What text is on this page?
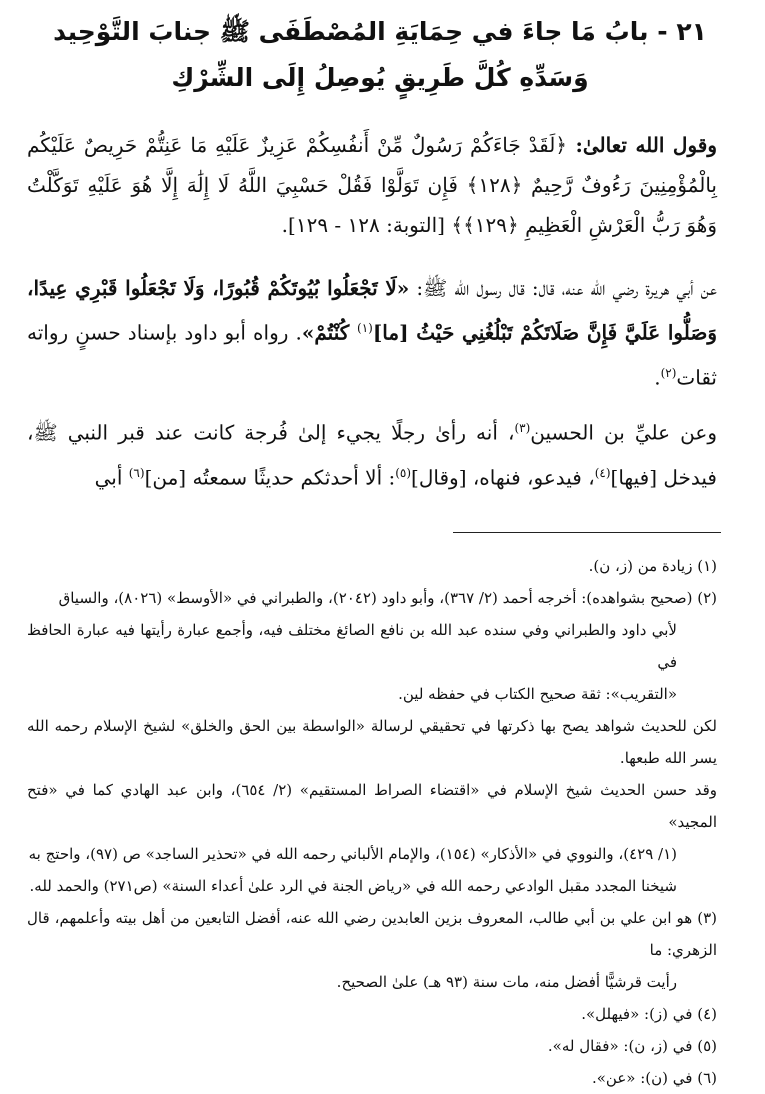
٢١ - بابُ مَا جاءَ في حِمَايَةِ المُصْطَفَى ﷺ جنابَ التَّوْحِيد
وَسَدِّهِ كُلَّ طَرِيقٍ يُوصِلُ إِلَى الشِّرْكِ
وقول الله تعالىٰ: ﴿لَقَدْ جَاءَكُمْ رَسُولٌ مِّنْ أَنفُسِكُمْ عَزِيزٌ عَلَيْهِ مَا عَنِتُّمْ حَرِيصٌ عَلَيْكُم بِالْمُؤْمِنِينَ رَءُوفٌ رَّحِيمٌ ﴿١٢٨﴾ فَإِن تَوَلَّوْا فَقُلْ حَسْبِيَ اللَّهُ لَا إِلَٰهَ إِلَّا هُوَ عَلَيْهِ تَوَكَّلْتُ وَهُوَ رَبُّ الْعَرْشِ الْعَظِيمِ ﴿١٢٩﴾﴾ [التوبة: ١٢٨ - ١٢٩].
عن أبي هريرة رضي الله عنه، قال: قال رسول الله ﷺ: «لَا تَجْعَلُوا بُيُوتَكُمْ قُبُورًا، وَلَا تَجْعَلُوا قَبْرِي عِيدًا، وَصَلُّوا عَلَيَّ فَإِنَّ صَلَاتَكُمْ تَبْلُغُنِي حَيْثُ [ما]$^{(١)}$ كُنْتُمْ». رواه أبو داود بإسناد حسنٍ رواته ثقات$^{(٢)}$.
وعن عليِّ بن الحسين$^{(٣)}$، أنه رأىٰ رجلًا يجيء إلىٰ فُرجة كانت عند قبر النبي ﷺ، فيدخل [فيها]$^{(٤)}$، فيدعو، فنهاه، [وقال]$^{(٥)}$: ألا أحدثكم حديثًا سمعتُه [من]$^{(٦)}$ أبي

(١) زيادة من (ز، ن).

(٢) (صحيح بشواهده): أخرجه أحمد (٢/ ٣٦٧)، وأبو داود (٢٠٤٢)، والطبراني في «الأوسط» (٨٠٢٦)، والسياق
لأبي داود والطبراني وفي سنده عبد الله بن نافع الصائغ مختلف فيه، وأجمع عبارة رأيتها فيه عبارة الحافظ في
«التقريب»: ثقة صحيح الكتاب في حفظه لين.
لكن للحديث شواهد يصح بها ذكرتها في تحقيقي لرسالة «الواسطة بين الحق والخلق» لشيخ الإسلام رحمه الله يسر الله طبعها.
وقد حسن الحديث شيخ الإسلام في «اقتضاء الصراط المستقيم» (٢/ ٦٥٤)، وابن عبد الهادي كما في «فتح المجيد»
(١/ ٤٢٩)، والنووي في «الأذكار» (١٥٤)، والإمام الألباني رحمه الله في «تحذير الساجد» ص (٩٧)، واحتج به
شيخنا المجدد مقبل الوادعي رحمه الله في «رياض الجنة في الرد علىٰ أعداء السنة» (ص٢٧١) والحمد لله.

(٣) هو ابن علي بن أبي طالب، المعروف بزين العابدين رضي الله عنه، أفضل التابعين من أهل بيته وأعلمهم، قال الزهري: ما
رأيت قرشيًّا أفضل منه، مات سنة (٩٣ هـ) علىٰ الصحيح.

(٤) في (ز): «فيهلل».

(٥) في (ز، ن): «فقال له».

(٦) في (ن): «عن».
